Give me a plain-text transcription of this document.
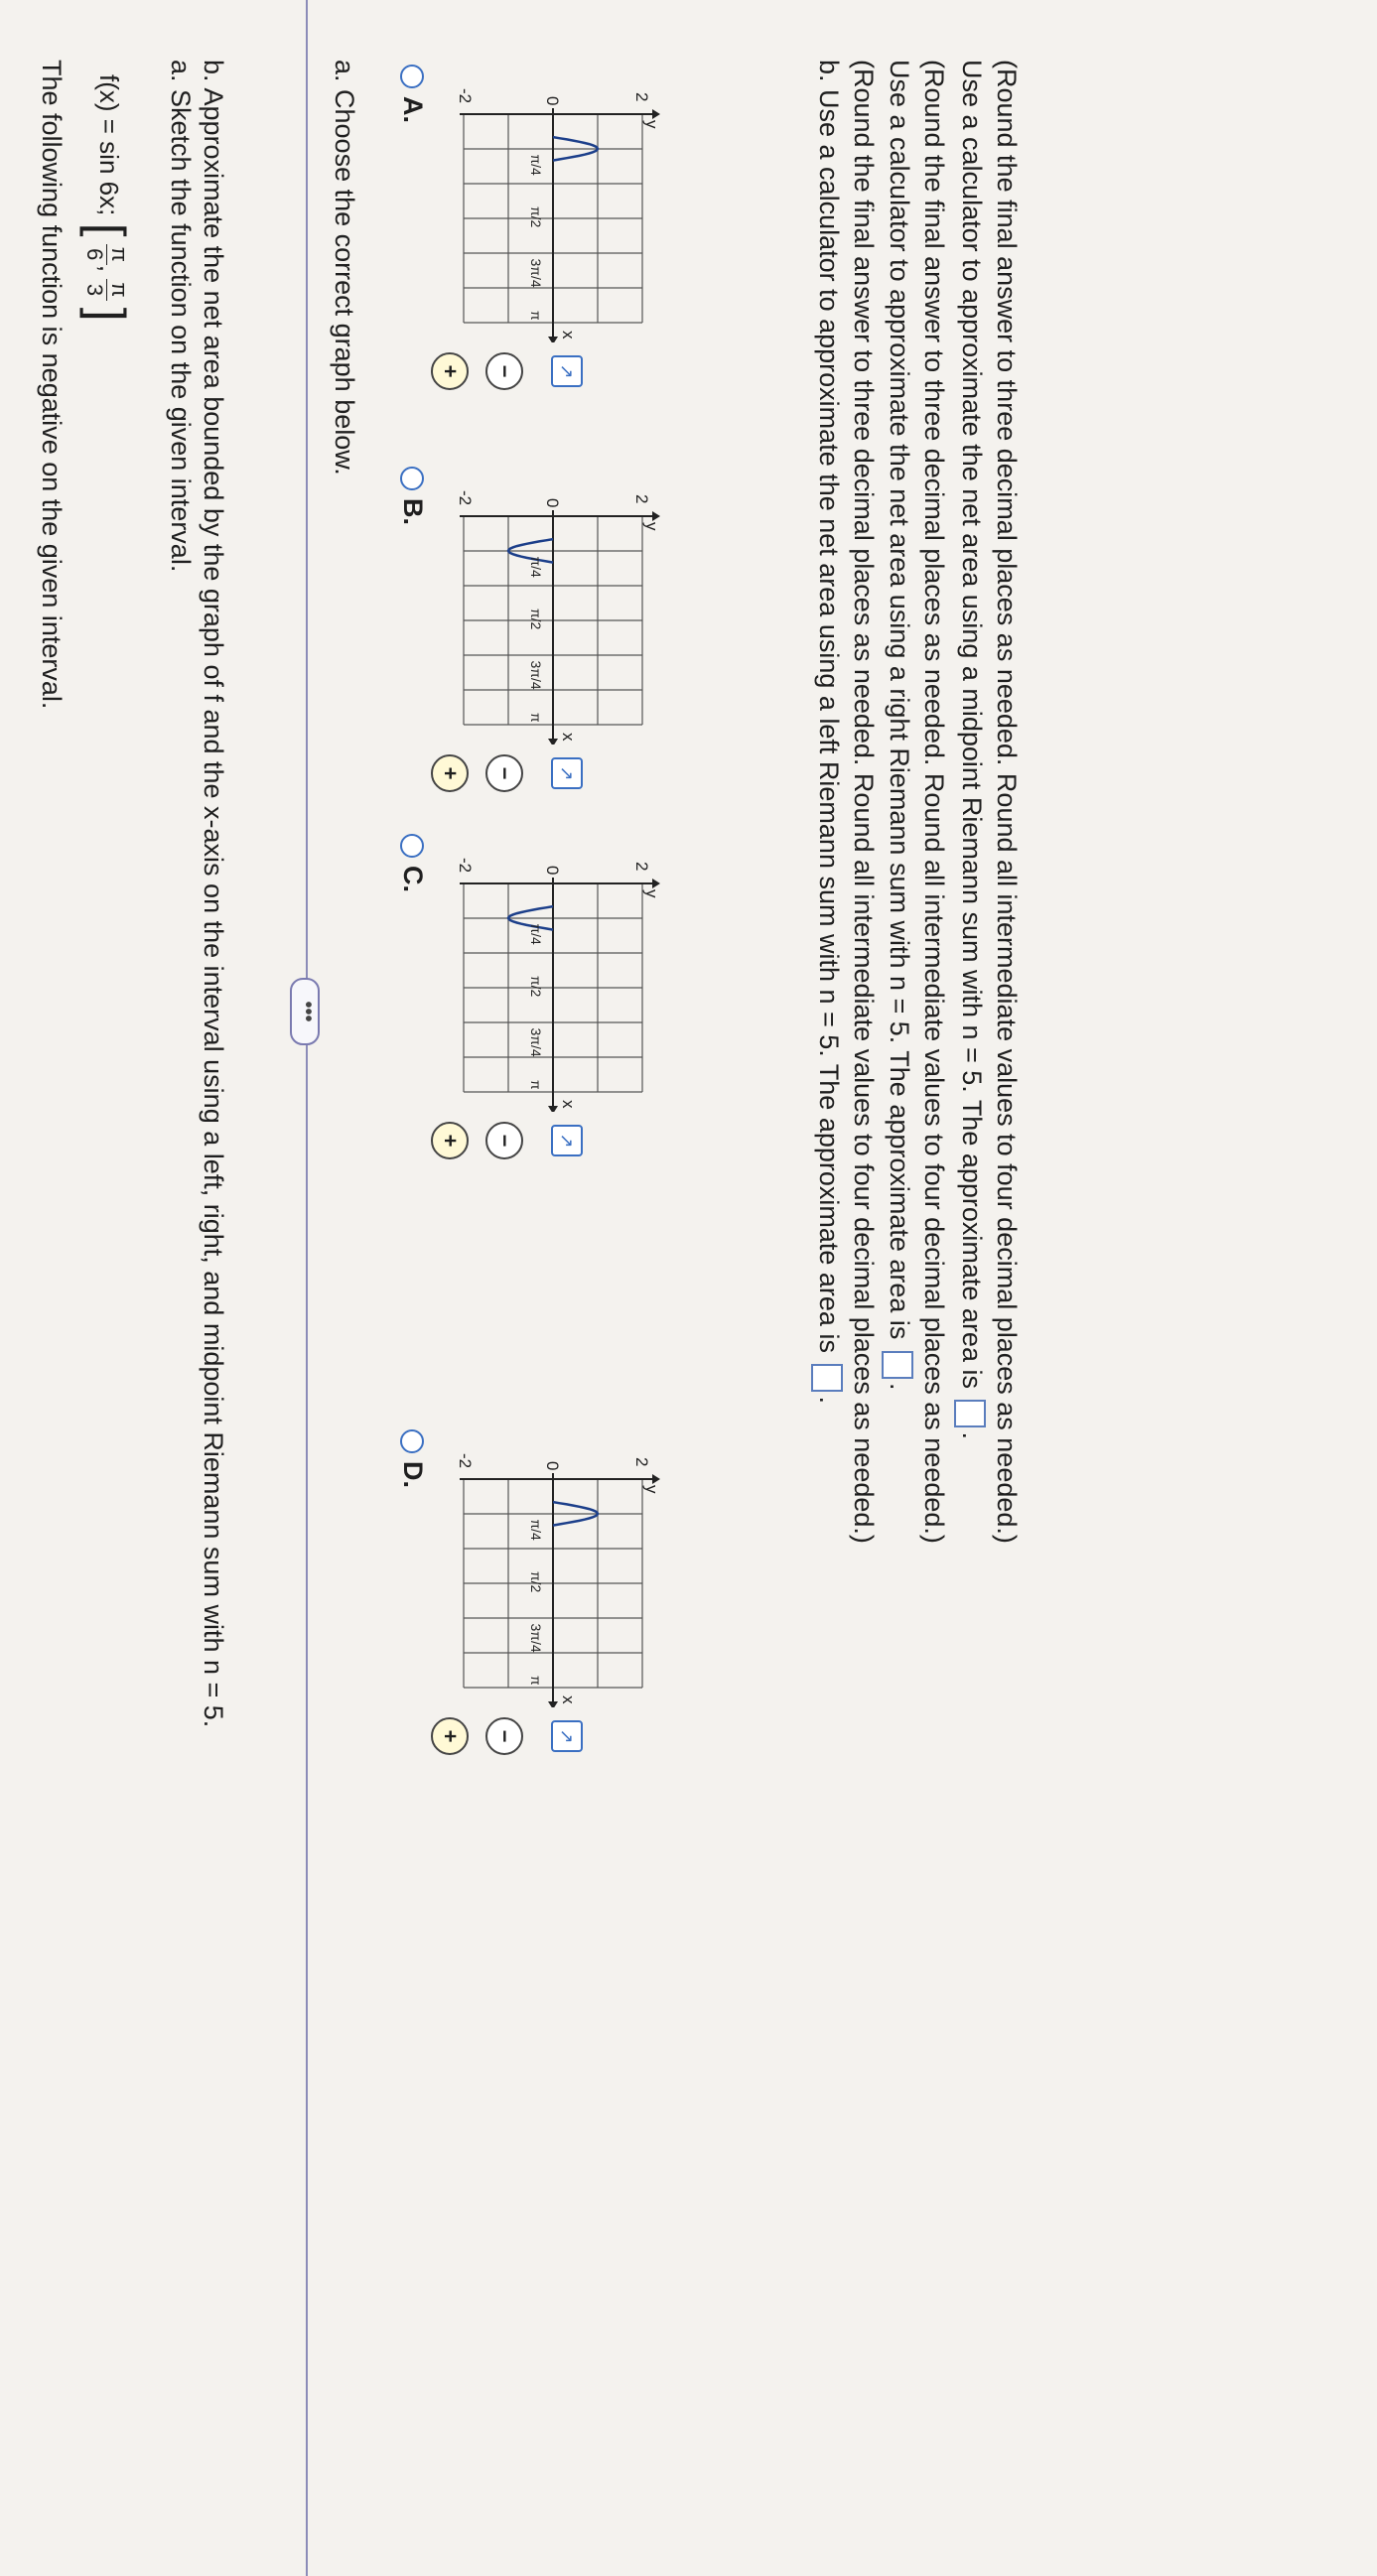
The following function is negative on the given interval.	f(x) = sin 6x; [
π
6
,
π
3
] a. Sketch the function on the given interval. b. Approximate the net area bounded by the graph of f and the x-axis on the interval using a left, right, and midpoint Riemann sum with n = 5.	•••
a. Choose the correct graph below. A.
y
x
2
-2	0
π/4
π/2
3π/4
π
+	−	↗
B.
y
x
2
-2	0
π/4
π/2
3π/4
π
+	−	↗
C.
y
x
2
-2	0
π/4
π/2
3π/4
π
+	−	↗
D.
y
x
2
-2	0
π/4
π/2
3π/4
π
+	−	↗
b. Use a calculator to approximate the net area using a left Riemann sum with n = 5. The approximate area is . (Round the final answer to three decimal places as needed. Round all intermediate values to four decimal places as needed.) Use a calculator to approximate the net area using a right Riemann sum with n = 5. The approximate area is . (Round the final answer to three decimal places as needed. Round all intermediate values to four decimal places as needed.) Use a calculator to approximate the net area using a midpoint Riemann sum with n = 5. The approximate area is . (Round the final answer to three decimal places as needed. Round all intermediate values to four decimal places as needed.)
